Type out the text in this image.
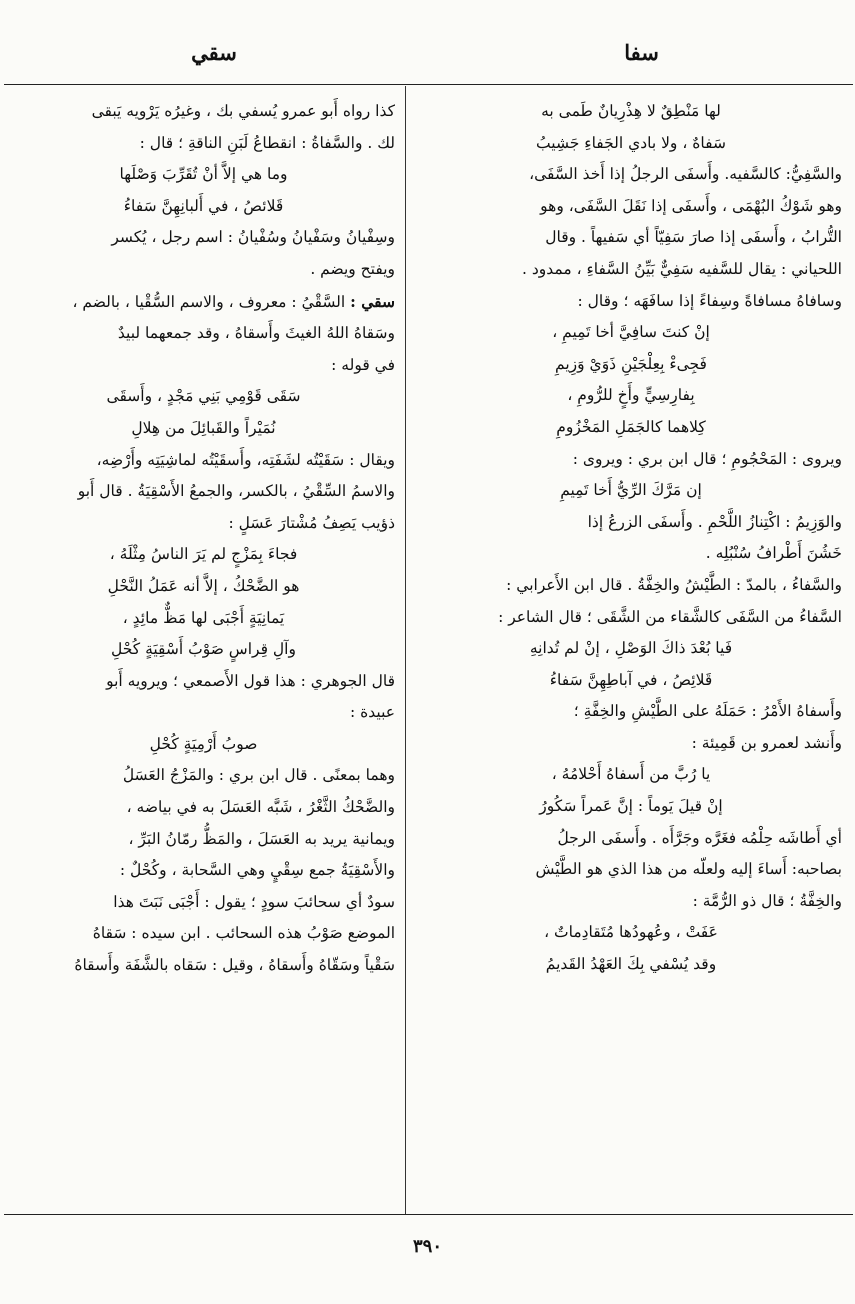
سقي	سفا
لها مَنْطِقٌ لا هِذْرِيانٌ طَمى به
سَفاهٌ ، ولا بادي الجَفاءِ جَشِيبُ
والسَّفِيُّ: كالسَّفيه. وأَسفَى الرجلُ إذا أَخذ السَّفَى،
وهو شَوْكُ البُهْمَى ، وأَسفَى إذا نَقَلَ السَّفَى، وهو
التُّرابُ ، وأَسفَى إذا صارَ سَفِيّاً أي سَفيهاً . وقال
اللحياني : يقال للسَّفيه سَفِيٌّ بَيِّنُ السَّفاءِ ، ممدود .
وسافاهُ مسافاةً وسِفاءً إذا سافَهَه ؛ وقال :
إنْ كنتَ سافِيَّ أخا تَمِيمِ ،
فَجِىءْ بِعِلْجَيْنِ ذَوَيْ وَزِيمِ
بِفارِسِيٍّ وأَخٍ للرُّومِ ،
كِلاهما كالجَمَلِ المَخْزُومِ
ويروى : المَحْجُومِ ؛ قال ابن بري : ويروى :
إن مَرَّكَ الرِّيُّ أَخا تَمِيمِ
والوَزِيمُ : اكْتِنازُ اللَّحْمِ . وأَسفَى الزرعُ إذا
خَشُنَ أَطْرافُ سُنْبُلِه .
والسَّفاءُ ، بالمدّ : الطَّيْشُ والخِفَّةُ . قال ابن الأَعرابي :
السَّفاءُ من السَّفَى كالشَّقاء من الشَّقَى ؛ قال الشاعر :
فَيا بُعْدَ ذاكَ الوَصْلِ ، إنْ لم تُدانِهِ
قَلائِصُ ، في آباطِهِنَّ سَفاءُ
وأَسفاهُ الأَمْرُ : حَمَلَهُ على الطَّيْشِ والخِفَّةِ ؛
وأَنشد لعمرو بن قَمِيئة :
يا رُبَّ من أَسفاهُ أَحْلامُهُ ،
إنْ قيلَ يَوماً : إنَّ عَمراً سَكُورُ
أي أَطاشَه حِلْمُه فغَرَّه وجَرَّأَه . وأَسفَى الرجلُ
بصاحبه: أَساءَ إليه ولعلّه من هذا الذي هو الطَّيْش
والخِفَّةُ ؛ قال ذو الرُّمَّة :
عَفَتْ ، وعُهودُها مُتَقادِماتٌ ،
وقد يُسْفي بِكَ العَهْدُ القَديمُ
كذا رواه أَبو عمرو يُسفي بك ، وغيرُه يَرْويه يَبقى
لك . والسَّفاةُ : انقطاعُ لَبَنِ الناقةِ ؛ قال :
وما هي إلاَّ أنْ تُقَرِّبَ وَصْلَها
قَلائصُ ، في أَلبانِهِنَّ سَفاءُ
وسِفْيانُ وسَفْيانُ وسُفْيانُ : اسم رجل ، يُكسر
ويفتح ويضم .
سقي : السَّقْيُ : معروف ، والاسم السُّقْيا ، بالضم ،
وسَقاهُ اللهُ الغيثَ وأَسقاهُ ، وقد جمعهما لبيدٌ
في قوله :
سَقَى قَوْمِي بَنِي مَجْدٍ ، وأَسقَى
نُمَيْراً والقَبائِلَ من هِلالِ
ويقال : سَقَيْتُه لشَفَتِه، وأَسقَيْتُه لماشِيَتِه وأَرْضِه،
والاسمُ السِّقْيُ ، بالكسر، والجمعُ الأَسْقِيَةُ . قال أَبو
ذؤيب يَصِفُ مُشْتارَ عَسَلٍ :
فجاءَ بِمَزْجٍ لم يَرَ الناسُ مِثْلَهُ ،
هو الضَّحْكُ ، إلاَّ أنه عَمَلُ النَّحْلِ
يَمانِيَةٍ أَجْبَى لها مَظٌّ مائِدٍ ،
وآلِ قِراسٍ صَوْبُ أَسْقِيَةٍ كُحْلِ
قال الجوهري : هذا قول الأَصمعي ؛ ويرويه أَبو
عبيدة :
صوبُ أَرْمِيَةٍ كُحْلِ
وهما بمعنًى . قال ابن بري : والمَزْجُ العَسَلُ
والضَّحْكُ الثَّغْرُ ، شَبَّه العَسَلَ به في بياضه ،
ويمانية يريد به العَسَلَ ، والمَظُّ رمّانُ البَرِّ ،
والأَسْقِيَةُ جمع سِقْيٍ وهي السَّحابة ، وكُحْلٌ :
سودٌ أي سحائبَ سودٍ ؛ يقول : أَجْبَى نَبَتَ هذا
الموضع صَوْبُ هذه السحائب . ابن سيده : سَقاهُ
سَقْياً وسَقّاهُ وأَسقاهُ ، وقيل : سَقاه بالشَّفَة وأَسقاهُ
٣٩٠
